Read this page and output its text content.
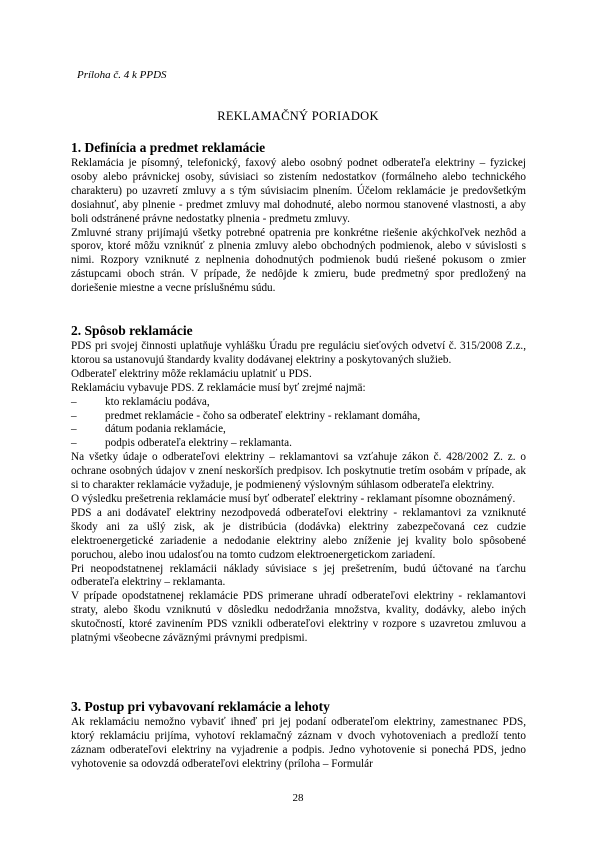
Príloha č. 4 k PPDS
REKLAMAČNÝ PORIADOK
1. Definícia a predmet reklamácie

Reklamácia je písomný, telefonický, faxový alebo osobný podnet odberateľa elektriny – fyzickej osoby alebo právnickej osoby, súvisiaci so zistením nedostatkov (formálneho alebo technického charakteru) po uzavretí zmluvy a s tým súvisiacim plnením. Účelom reklamácie je predovšetkým dosiahnuť, aby plnenie - predmet zmluvy mal dohodnuté, alebo normou stanovené vlastnosti, a aby boli odstránené právne nedostatky plnenia - predmetu zmluvy.

Zmluvné strany prijímajú všetky potrebné opatrenia pre konkrétne riešenie akýchkoľvek nezhôd a sporov, ktoré môžu vzniknúť z plnenia zmluvy alebo obchodných podmienok, alebo v súvislosti s nimi. Rozpory vzniknuté z neplnenia dohodnutých podmienok budú riešené pokusom o zmier zástupcami oboch strán. V prípade, že nedôjde k zmieru, bude predmetný spor predložený na doriešenie miestne a vecne príslušnému súdu.

2. Spôsob reklamácie

PDS pri svojej činnosti uplatňuje vyhlášku Úradu pre reguláciu sieťových odvetví č. 315/2008 Z.z., ktorou sa ustanovujú štandardy kvality dodávanej elektriny a poskytovaných služieb.

Odberateľ elektriny môže reklamáciu uplatniť u PDS.

Reklamáciu vybavuje PDS. Z reklamácie musí byť zrejmé najmä:

–	kto reklamáciu podáva,
–	predmet reklamácie - čoho sa odberateľ elektriny - reklamant domáha,
–	dátum podania reklamácie,
–	podpis odberateľa elektriny – reklamanta.

Na všetky údaje o odberateľovi elektriny – reklamantovi sa vzťahuje zákon č. 428/2002 Z. z. o ochrane osobných údajov v znení neskorších predpisov. Ich poskytnutie tretím osobám v prípade, ak si to charakter reklamácie vyžaduje, je podmienený výslovným súhlasom odberateľa elektriny.

O výsledku prešetrenia reklamácie musí byť odberateľ elektriny - reklamant písomne oboznámený.

PDS a ani dodávateľ elektriny nezodpovedá odberateľovi elektriny - reklamantovi za vzniknuté škody ani za ušlý zisk, ak je distribúcia (dodávka) elektriny zabezpečovaná cez cudzie elektroenergetické zariadenie a nedodanie elektriny alebo zníženie jej kvality bolo spôsobené poruchou, alebo inou udalosťou na tomto cudzom elektroenergetickom zariadení.

Pri neopodstatnenej reklamácii náklady súvisiace s jej prešetrením, budú účtované na ťarchu odberateľa elektriny – reklamanta.

V prípade opodstatnenej reklamácie PDS primerane uhradí odberateľovi elektriny - reklamantovi straty, alebo škodu vzniknutú v dôsledku nedodržania množstva, kvality, dodávky, alebo iných skutočností, ktoré zavinením PDS vznikli odberateľovi elektriny v rozpore s uzavretou zmluvou a platnými všeobecne záväznými právnymi predpismi.

3. Postup pri vybavovaní reklamácie a lehoty

Ak reklamáciu nemožno vybaviť ihneď pri jej podaní odberateľom elektriny, zamestnanec PDS, ktorý reklamáciu prijíma, vyhotoví reklamačný záznam v dvoch vyhotoveniach a predloží tento záznam odberateľovi elektriny na vyjadrenie a podpis. Jedno vyhotovenie si ponechá PDS, jedno vyhotovenie sa odovzdá odberateľovi elektriny (príloha – Formulár

28
